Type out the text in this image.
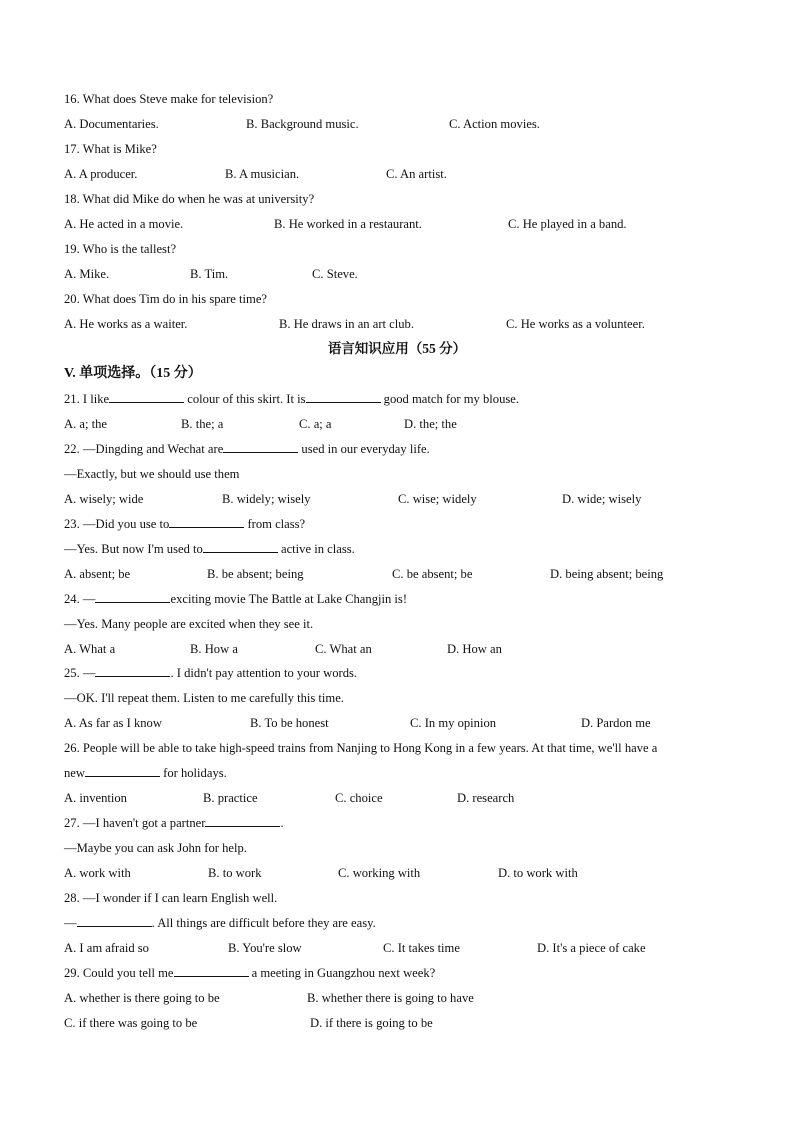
16. What does Steve make for television?
A. Documentaries.	B. Background music.	C. Action movies.
17. What is Mike?
A. A producer.	B. A musician.	C. An artist.
18. What did Mike do when he was at university?
A. He acted in a movie.	B. He worked in a restaurant.	C. He played in a band.
19. Who is the tallest?
A. Mike.	B. Tim.	C. Steve.
20. What does Tim do in his spare time?
A. He works as a waiter.	B. He draws in an art club.	C. He works as a volunteer.
语言知识应用（55 分）
V. 单项选择。（15 分）
21. I like	colour of this skirt. It is	good match for my blouse.
A. a; the	B. the; a	C. a; a	D. the; the
22. —Dingding and Wechat are	used in our everyday life.
—Exactly, but we should use them
A. wisely; wide	B. widely; wisely	C. wise; widely	D. wide; wisely
23. —Did you use to	from class?
—Yes. But now I'm used to	active in class.
A. absent; be	B. be absent; being	C. be absent; be	D. being absent; being
24. —	exciting movie The Battle at Lake Changjin is!
—Yes. Many people are excited when they see it.
A. What a	B. How a	C. What an	D. How an
25. —	. I didn't pay attention to your words.
—OK. I'll repeat them. Listen to me carefully this time.
A. As far as I know	B. To be honest	C. In my opinion	D. Pardon me
26. People will be able to take high-speed trains from Nanjing to Hong Kong in a few years. At that time, we'll have a
new	for holidays.
A. invention	B. practice	C. choice	D. research
27. —I haven't got a partner	.
—Maybe you can ask John for help.
A. work with	B. to work	C. working with	D. to work with
28. —I wonder if I can learn English well.
—	. All things are difficult before they are easy.
A. I am afraid so	B. You're slow	C. It takes time	D. It's a piece of cake
29. Could you tell me	a meeting in Guangzhou next week?
A. whether is there going to be	B. whether there is going to have
C. if there was going to be	D. if there is going to be
